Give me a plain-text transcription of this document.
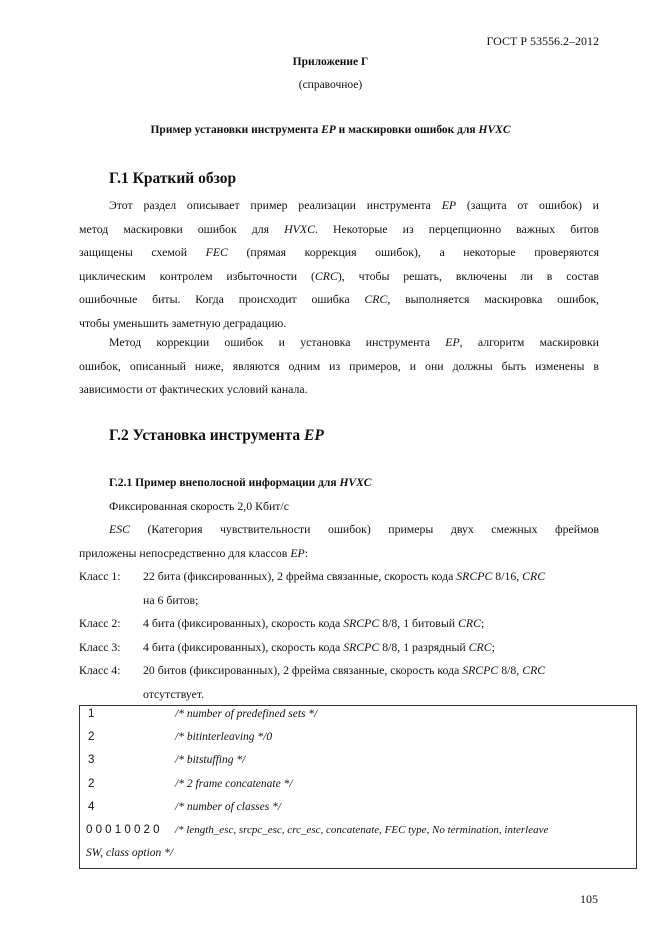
ГОСТ Р 53556.2–2012
Приложение Г
(справочное)
Пример установки инструмента EP и маскировки ошибок для HVXC
Г.1 Краткий обзор
Этот раздел описывает пример реализации инструмента EP (защита от ошибок) и
метод маскировки ошибок для HVXC. Некоторые из перцепционно важных битов
защищены схемой FEC (прямая коррекция ошибок), а некоторые проверяются
циклическим контролем избыточности (CRC), чтобы решать, включены ли в состав
ошибочные биты. Когда происходит ошибка CRC, выполняется маскировка ошибок,
чтобы уменьшить заметную деградацию.
Метод коррекции ошибок и установка инструмента EP, алгоритм маскировки
ошибок, описанный ниже, являются одним из примеров, и они должны быть изменены в
зависимости от фактических условий канала.
Г.2 Установка инструмента EP
Г.2.1 Пример внеполосной информации для HVXC
Фиксированная скорость 2,0 Кбит/с
ESC (Категория чувствительности ошибок) примеры двух смежных фреймов
приложены непосредственно для классов EP:
Класс 1: 22 бита (фиксированных), 2 фрейма связанные, скорость кода SRCPC 8/16, CRC
на 6 битов;
Класс 2: 4 бита (фиксированных), скорость кода SRCPC 8/8, 1 битовый CRC;
Класс 3: 4 бита (фиксированных), скорость кода SRCPC 8/8, 1 разрядный CRC;
Класс 4: 20 битов (фиксированных), 2 фрейма связанные, скорость кода SRCPC 8/8, CRC
отсутствует.
1	/* number of predefined sets */
2	/* bitinterleaving */0
3	/* bitstuffing */
2	/* 2 frame concatenate */
4	/* number of classes */
0 0 0 1 0 0 2 0 /* length_esc, srcpc_esc, crc_esc, concatenate, FEC type, No termination, interleave
SW, class option */
105
